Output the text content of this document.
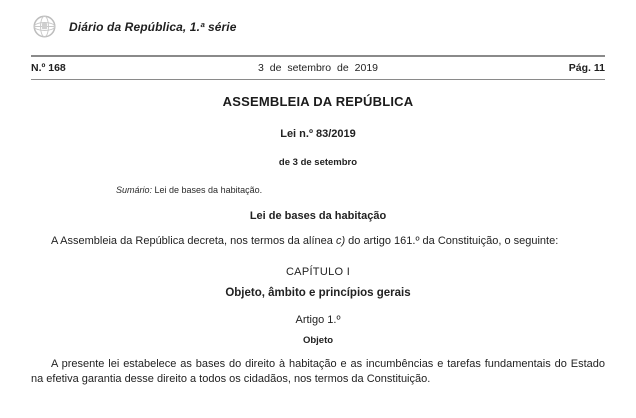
Diário da República, 1.ª série
N.º 168	3 de setembro de 2019	Pág. 11
ASSEMBLEIA DA REPÚBLICA
Lei n.º 83/2019
de 3 de setembro
Sumário: Lei de bases da habitação.
Lei de bases da habitação

A Assembleia da República decreta, nos termos da alínea c) do artigo 161.º da Constituição, o seguinte:

CAPÍTULO I
Objeto, âmbito e princípios gerais
Artigo 1.º
Objeto

A presente lei estabelece as bases do direito à habitação e as incumbências e tarefas fundamentais do Estado na efetiva garantia desse direito a todos os cidadãos, nos termos da Constituição.
